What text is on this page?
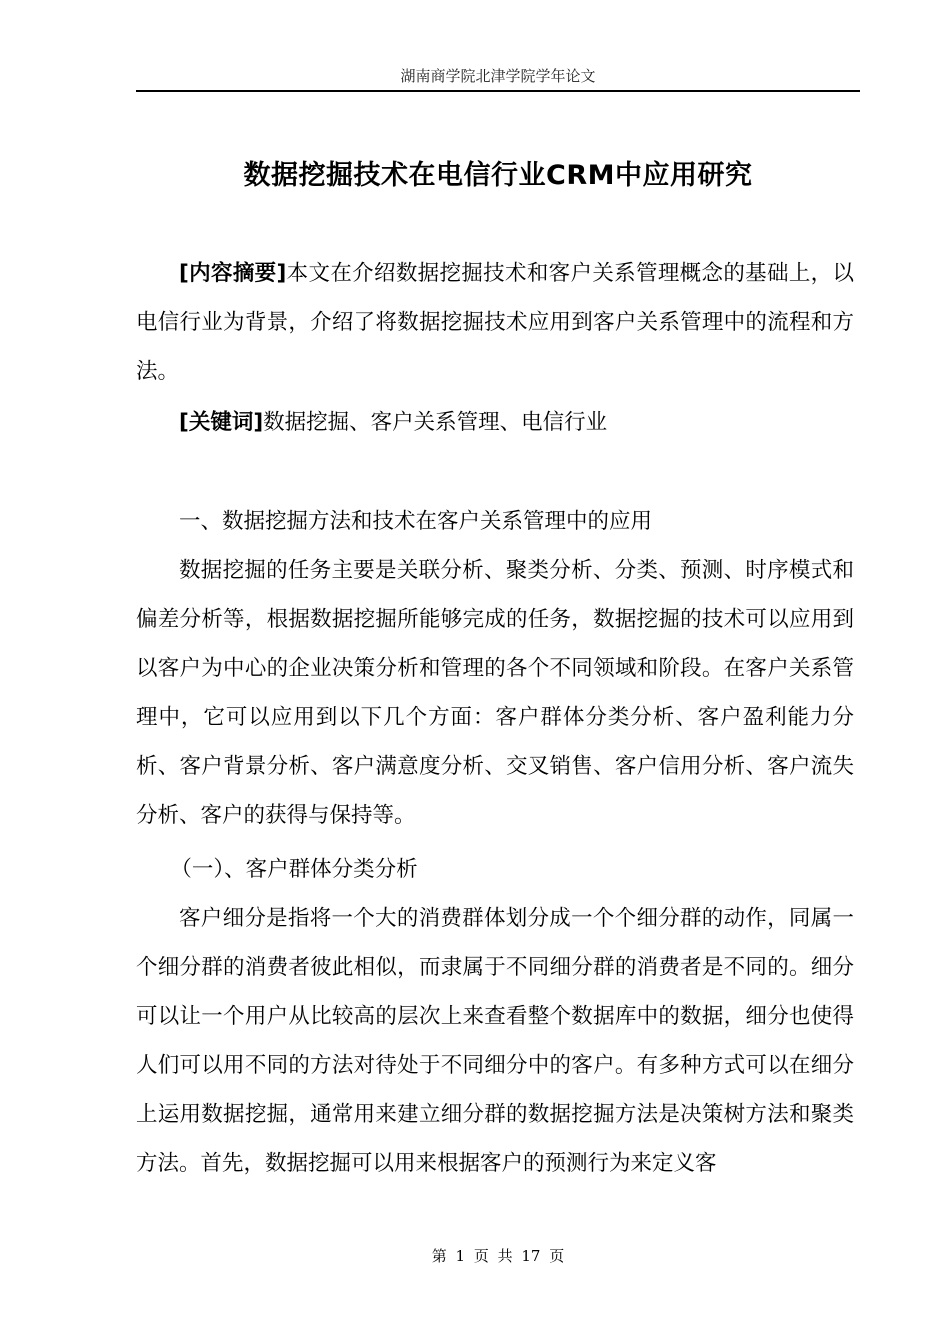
湖南商学院北津学院学年论文
数据挖掘技术在电信行业CRM中应用研究

[内容摘要]本文在介绍数据挖掘技术和客户关系管理概念的基础上，以电信行业为背景，介绍了将数据挖掘技术应用到客户关系管理中的流程和方法。

[关键词]数据挖掘、客户关系管理、电信行业

一、数据挖掘方法和技术在客户关系管理中的应用

数据挖掘的任务主要是关联分析、聚类分析、分类、预测、时序模式和偏差分析等，根据数据挖掘所能够完成的任务，数据挖掘的技术可以应用到以客户为中心的企业决策分析和管理的各个不同领域和阶段。在客户关系管理中，它可以应用到以下几个方面：客户群体分类分析、客户盈利能力分析、客户背景分析、客户满意度分析、交叉销售、客户信用分析、客户流失分析、客户的获得与保持等。

（一）、客户群体分类分析

客户细分是指将一个大的消费群体划分成一个个细分群的动作，同属一个细分群的消费者彼此相似，而隶属于不同细分群的消费者是不同的。细分可以让一个用户从比较高的层次上来查看整个数据库中的数据，细分也使得人们可以用不同的方法对待处于不同细分中的客户。有多种方式可以在细分上运用数据挖掘，通常用来建立细分群的数据挖掘方法是决策树方法和聚类方法。首先，数据挖掘可以用来根据客户的预测行为来定义客

第 1 页 共 17 页
